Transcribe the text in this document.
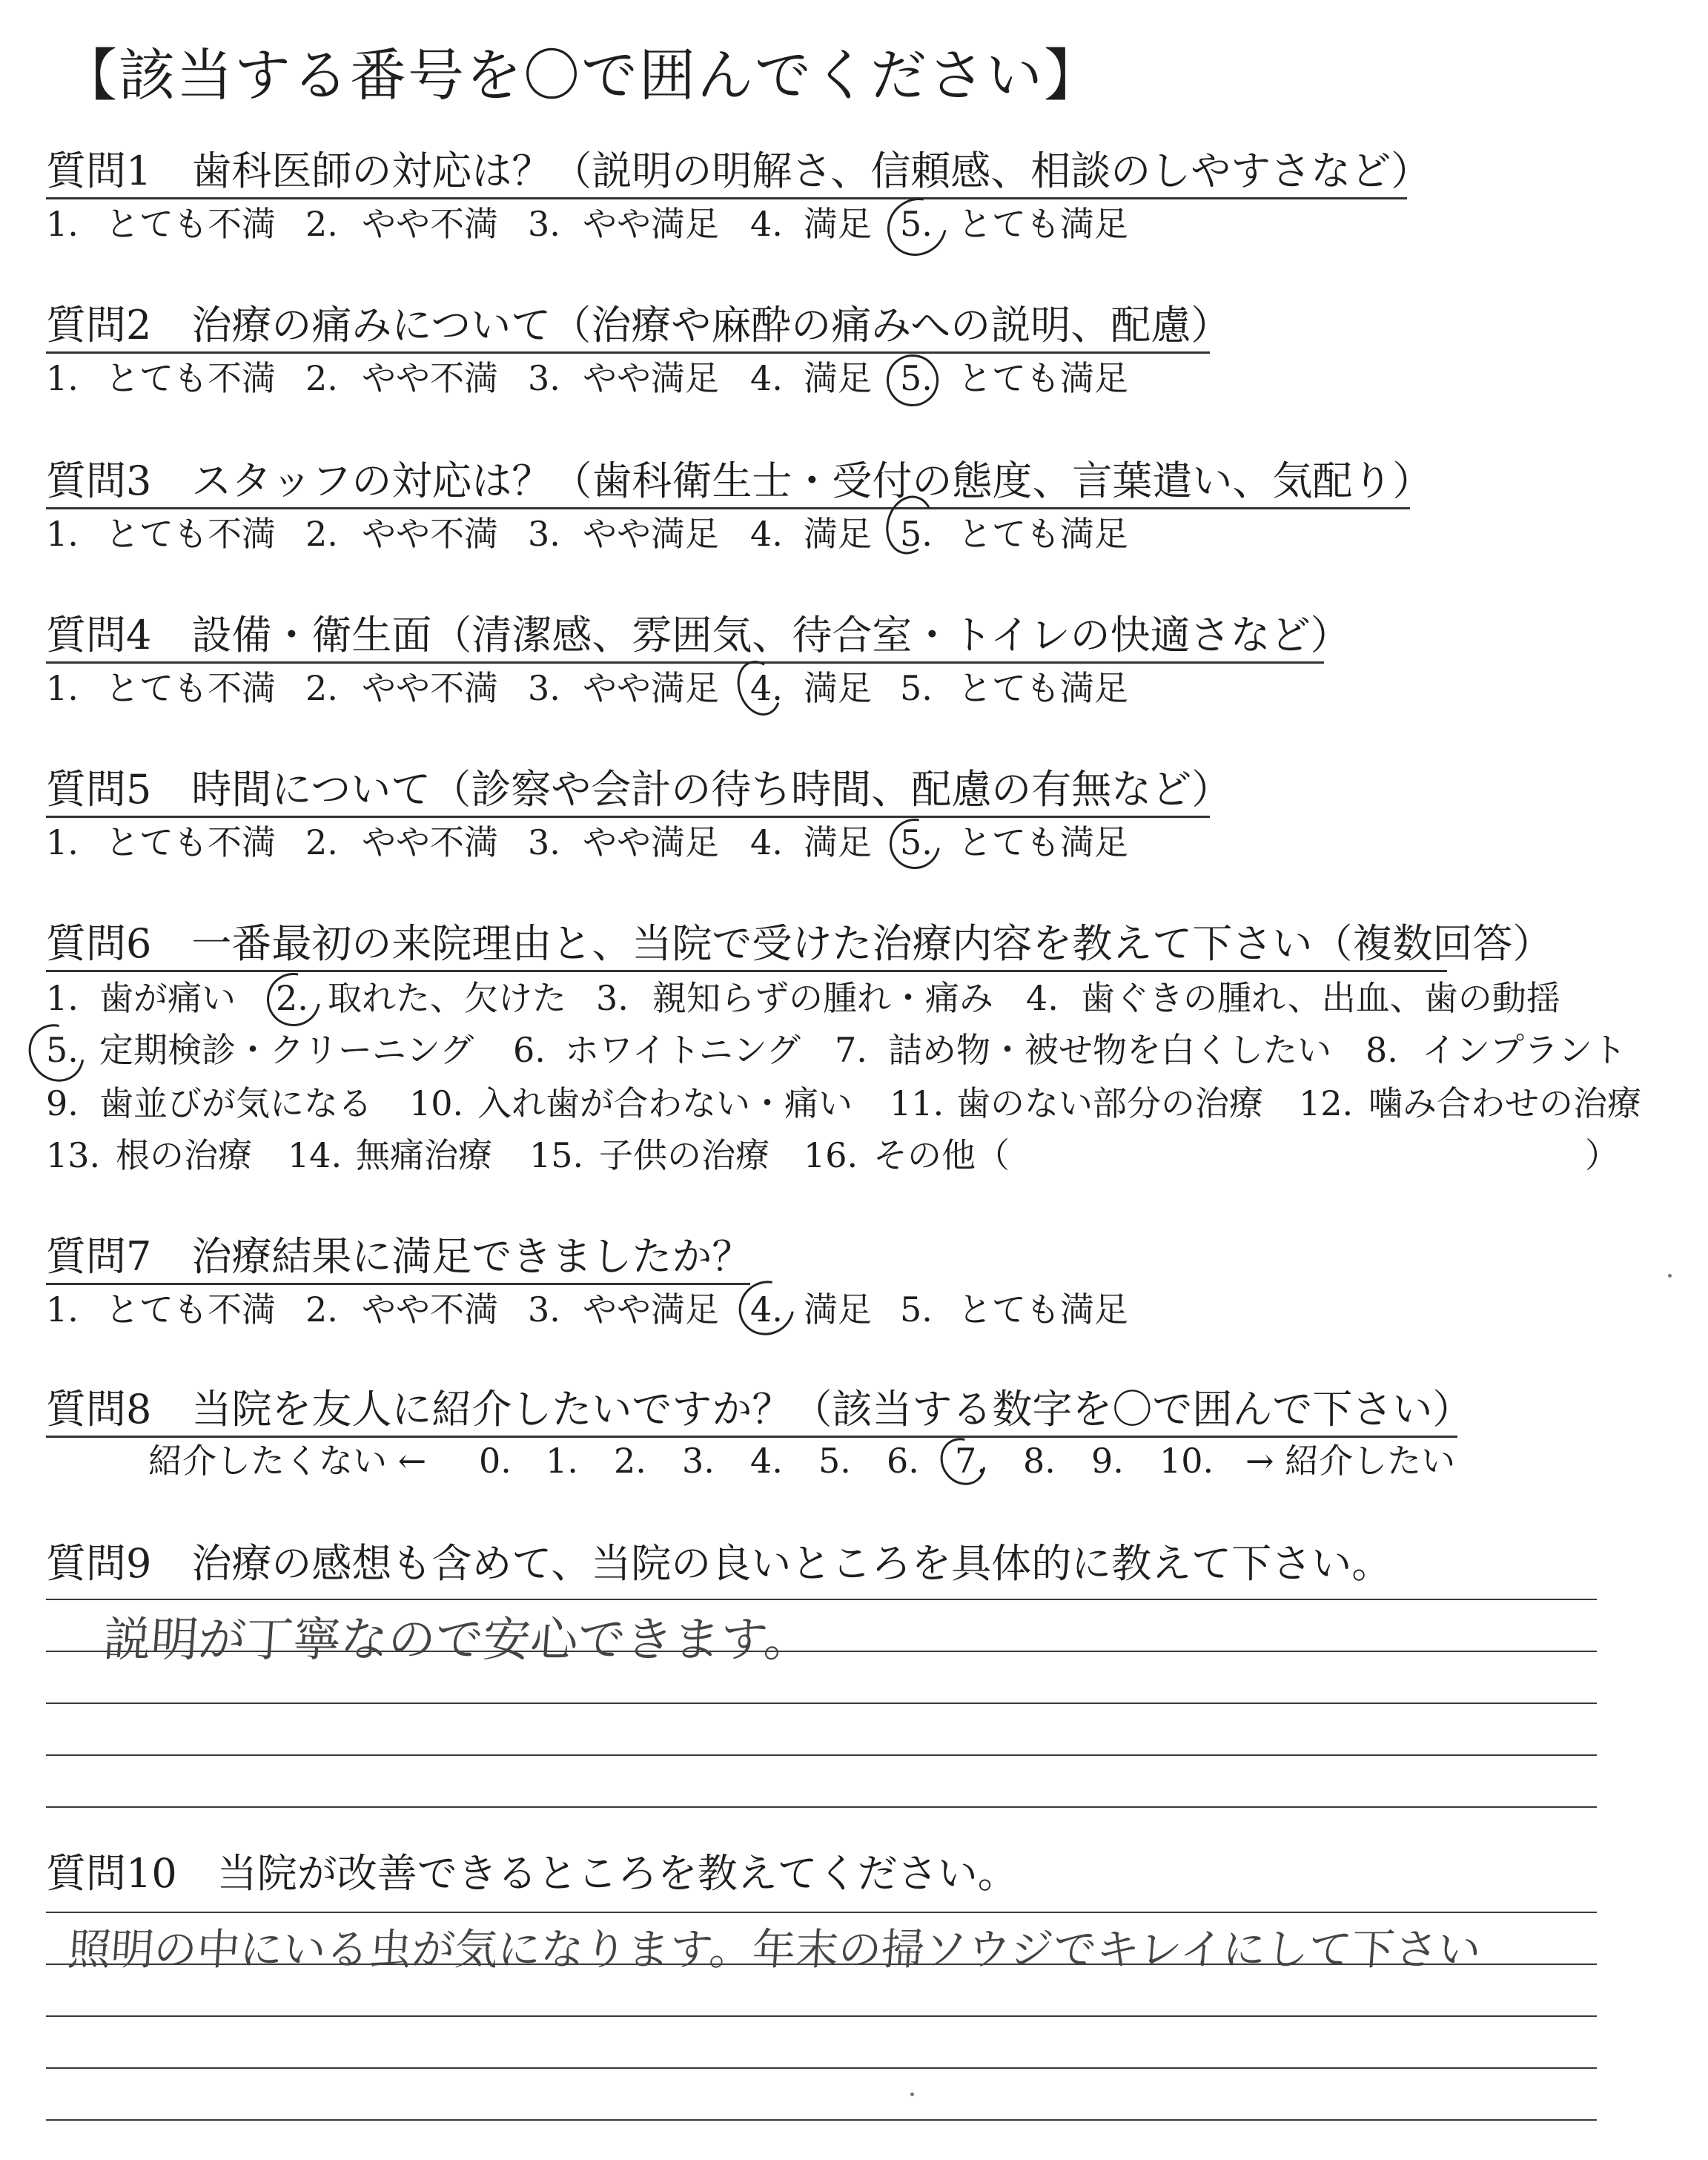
【該当する番号を〇で囲んでください】
質問1　歯科医師の対応は？（説明の明解さ、信頼感、相談のしやすさなど）
1. とても不満 2. やや不満 3. やや満足 4. 満足 5. とても満足
質問2　治療の痛みについて（治療や麻酔の痛みへの説明、配慮）
1. とても不満 2. やや不満 3. やや満足 4. 満足 5. とても満足
質問3　スタッフの対応は？（歯科衛生士・受付の態度、言葉遣い、気配り）
1. とても不満 2. やや不満 3. やや満足 4. 満足 5. とても満足
質問4　設備・衛生面（清潔感、雰囲気、待合室・トイレの快適さなど）
1. とても不満 2. やや不満 3. やや満足 4. 満足 5. とても満足
質問5　時間について（診察や会計の待ち時間、配慮の有無など）
1. とても不満 2. やや不満 3. やや満足 4. 満足 5. とても満足
質問6　一番最初の来院理由と、当院で受けた治療内容を教えて下さい（複数回答）
1. 歯が痛い 2. 取れた、欠けた 3. 親知らずの腫れ・痛み 4. 歯ぐきの腫れ、出血、歯の動揺
5. 定期検診・クリーニング 6. ホワイトニング 7. 詰め物・被せ物を白くしたい 8. インプラント
9. 歯並びが気になる 10. 入れ歯が合わない・痛い 11. 歯のない部分の治療 12. 噛み合わせの治療
13. 根の治療 14. 無痛治療 15. 子供の治療 16. その他（	）
質問7　治療結果に満足できましたか？
1. とても不満 2. やや不満 3. やや満足 4. 満足 5. とても満足
質問8　当院を友人に紹介したいですか？（該当する数字を〇で囲んで下さい）
紹介したくない ← 0. 1. 2. 3. 4. 5. 6. 7. 8. 9. 10. → 紹介したい
質問9　治療の感想も含めて、当院の良いところを具体的に教えて下さい。
説明が丁寧なので安心できます。
質問10　当院が改善できるところを教えてください。
照明の中にいる虫が気になります。年末の掃ソウジでキレイにして下さい
